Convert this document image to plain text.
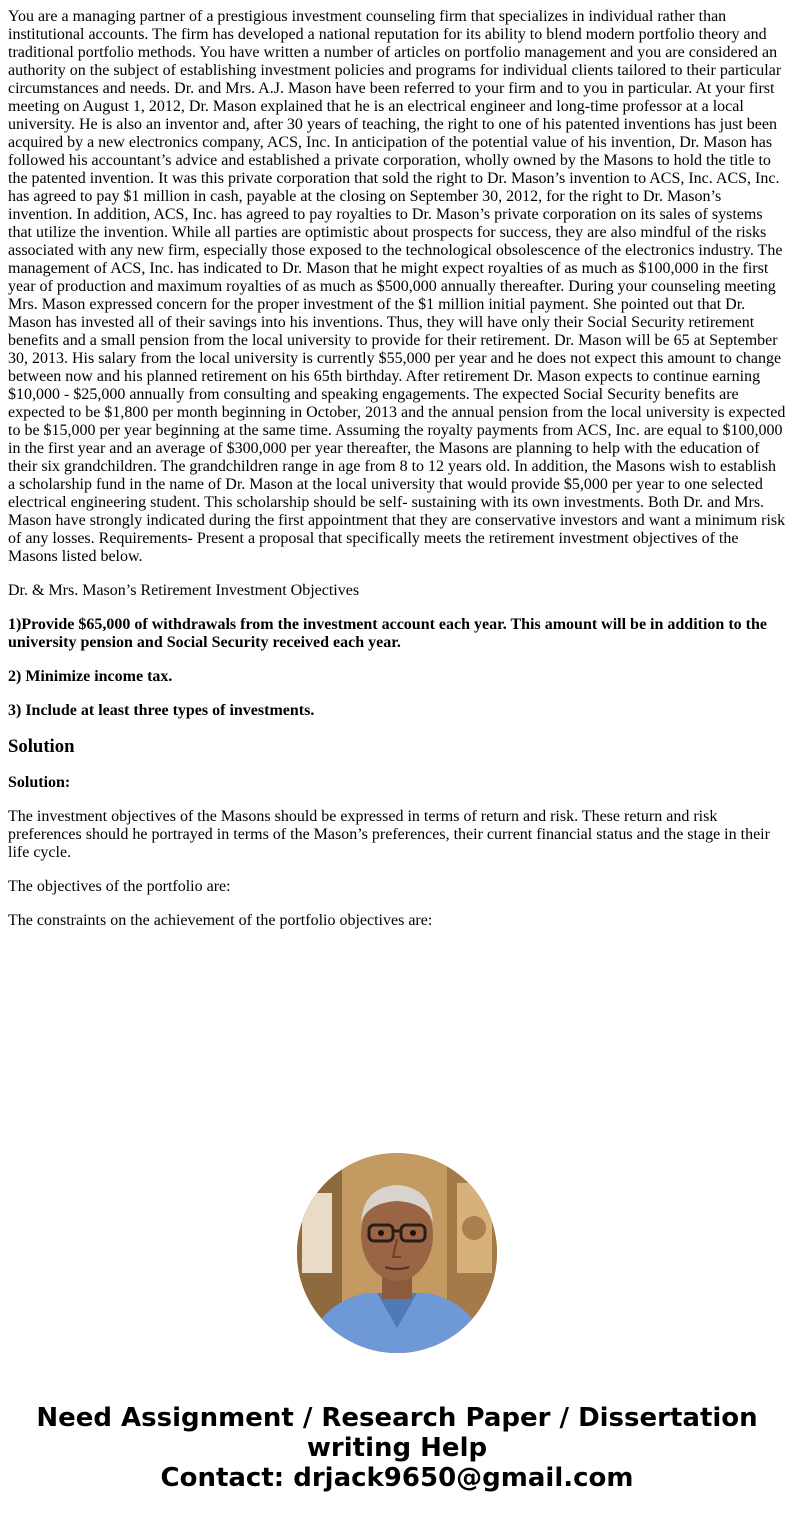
You are a managing partner of a prestigious investment counseling firm that specializes in individual rather than institutional accounts. The firm has developed a national reputation for its ability to blend modern portfolio theory and traditional portfolio methods. You have written a number of articles on portfolio management and you are considered an authority on the subject of establishing investment policies and programs for individual clients tailored to their particular circumstances and needs. Dr. and Mrs. A.J. Mason have been referred to your firm and to you in particular. At your first meeting on August 1, 2012, Dr. Mason explained that he is an electrical engineer and long-time professor at a local university. He is also an inventor and, after 30 years of teaching, the right to one of his patented inventions has just been acquired by a new electronics company, ACS, Inc. In anticipation of the potential value of his invention, Dr. Mason has followed his accountant’s advice and established a private corporation, wholly owned by the Masons to hold the title to the patented invention. It was this private corporation that sold the right to Dr. Mason’s invention to ACS, Inc. ACS, Inc. has agreed to pay $1 million in cash, payable at the closing on September 30, 2012, for the right to Dr. Mason’s invention. In addition, ACS, Inc. has agreed to pay royalties to Dr. Mason’s private corporation on its sales of systems that utilize the invention. While all parties are optimistic about prospects for success, they are also mindful of the risks associated with any new firm, especially those exposed to the technological obsolescence of the electronics industry. The management of ACS, Inc. has indicated to Dr. Mason that he might expect royalties of as much as $100,000 in the first year of production and maximum royalties of as much as $500,000 annually thereafter. During your counseling meeting Mrs. Mason expressed concern for the proper investment of the $1 million initial payment. She pointed out that Dr. Mason has invested all of their savings into his inventions. Thus, they will have only their Social Security retirement benefits and a small pension from the local university to provide for their retirement. Dr. Mason will be 65 at September 30, 2013. His salary from the local university is currently $55,000 per year and he does not expect this amount to change between now and his planned retirement on his 65th birthday. After retirement Dr. Mason expects to continue earning $10,000 - $25,000 annually from consulting and speaking engagements. The expected Social Security benefits are expected to be $1,800 per month beginning in October, 2013 and the annual pension from the local university is expected to be $15,000 per year beginning at the same time. Assuming the royalty payments from ACS, Inc. are equal to $100,000 in the first year and an average of $300,000 per year thereafter, the Masons are planning to help with the education of their six grandchildren. The grandchildren range in age from 8 to 12 years old. In addition, the Masons wish to establish a scholarship fund in the name of Dr. Mason at the local university that would provide $5,000 per year to one selected electrical engineering student. This scholarship should be self- sustaining with its own investments. Both Dr. and Mrs. Mason have strongly indicated during the first appointment that they are conservative investors and want a minimum risk of any losses. Requirements- Present a proposal that specifically meets the retirement investment objectives of the Masons listed below.

Dr. & Mrs. Mason’s Retirement Investment Objectives

1)Provide $65,000 of withdrawals from the investment account each year. This amount will be in addition to the university pension and Social Security received each year.

2) Minimize income tax.

3) Include at least three types of investments.

Solution

Solution:

The investment objectives of the Masons should be expressed in terms of return and risk. These return and risk preferences should he portrayed in terms of the Mason’s preferences, their current financial status and the stage in their life cycle.

The objectives of the portfolio are:

The constraints on the achievement of the portfolio objectives are:

Need Assignment / Research Paper / Dissertation
writing Help
Contact: drjack9650@gmail.com
